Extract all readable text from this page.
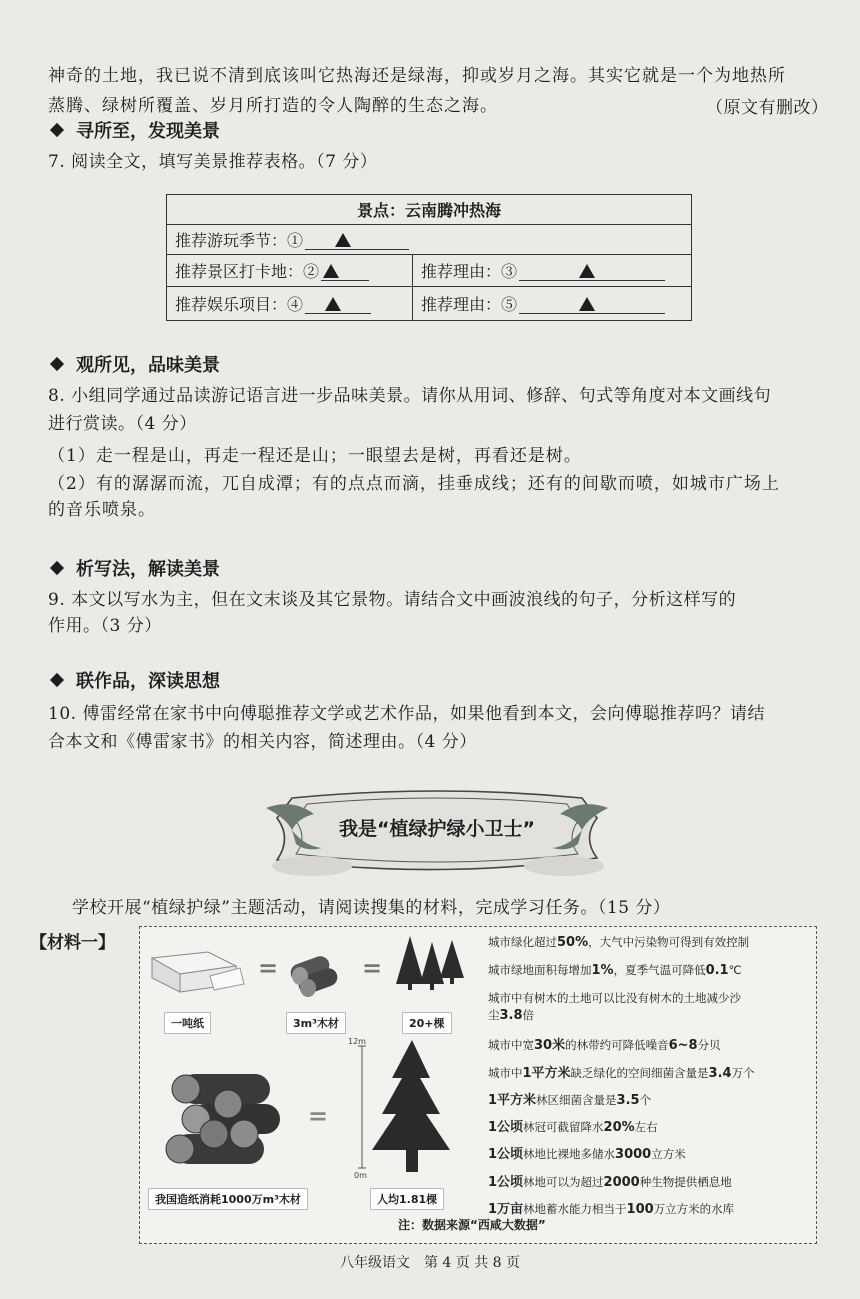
神奇的土地，我已说不清到底该叫它热海还是绿海，抑或岁月之海。其实它就是一个为地热所
蒸腾、绿树所覆盖、岁月所打造的令人陶醉的生态之海。	（原文有删改）
寻所至，发现美景
7. 阅读全文，填写美景推荐表格。（7 分）
景点：云南腾冲热海
推荐游玩季节：①
推荐景区打卡地：②	推荐理由：③
推荐娱乐项目：④	推荐理由：⑤
观所见，品味美景
8. 小组同学通过品读游记语言进一步品味美景。请你从用词、修辞、句式等角度对本文画线句
进行赏读。（4 分）
（1）走一程是山，再走一程还是山；一眼望去是树，再看还是树。
（2）有的潺潺而流，兀自成潭；有的点点而滴，挂垂成线；还有的间歇而喷，如城市广场上
的音乐喷泉。
析写法，解读美景
9. 本文以写水为主，但在文末谈及其它景物。请结合文中画波浪线的句子，分析这样写的
作用。（3 分）
联作品，深读思想
10. 傅雷经常在家书中向傅聪推荐文学或艺术作品，如果他看到本文，会向傅聪推荐吗？请结
合本文和《傅雷家书》的相关内容，简述理由。（4 分）
我是“植绿护绿小卫士”
学校开展“植绿护绿”主题活动，请阅读搜集的材料，完成学习任务。（15 分）
【材料一】
=	=
=
12m
0m
一吨纸	3m³木材	20+棵
我国造纸消耗1000万m³木材	人均1.81棵
城市绿化超过50%，大气中污染物可得到有效控制
城市绿地面积每增加1%，夏季气温可降低0.1℃
城市中有树木的土地可以比没有树木的土地减少沙
尘3.8倍
城市中宽30米的林带约可降低噪音6~8分贝
城市中1平方米缺乏绿化的空间细菌含量是3.4万个
1平方米林区细菌含量是3.5个
1公顷林冠可截留降水20%左右
1公顷林地比裸地多储水3000立方米
1公顷林地可以为超过2000种生物提供栖息地
1万亩林地蓄水能力相当于100万立方米的水库
注：数据来源“西咸大数据”
八年级语文　第 4 页 共 8 页
